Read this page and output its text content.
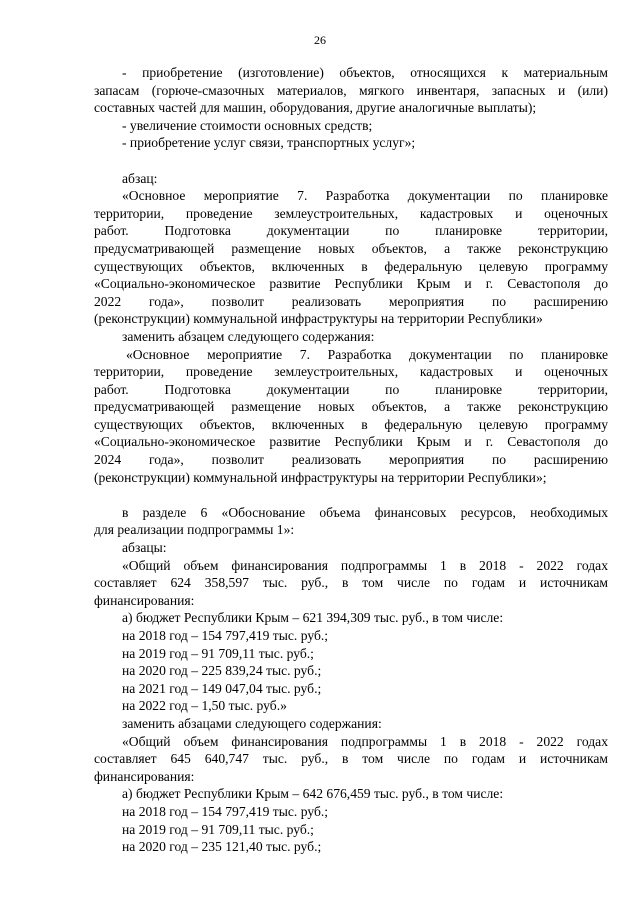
26
- приобретение (изготовление) объектов, относящихся к материальным
запасам (горюче-смазочных материалов, мягкого инвентаря, запасных и (или)
составных частей для машин, оборудования, другие аналогичные выплаты);
- увеличение стоимости основных средств;
- приобретение услуг связи, транспортных услуг»;
абзац:
«Основное мероприятие 7. Разработка документации по планировке
территории, проведение землеустроительных, кадастровых и оценочных
работ. Подготовка документации по планировке территории,
предусматривающей размещение новых объектов, а также реконструкцию
существующих объектов, включенных в федеральную целевую программу
«Социально-экономическое развитие Республики Крым и г. Севастополя до
2022 года», позволит реализовать мероприятия по расширению
(реконструкции) коммунальной инфраструктуры на территории Республики»
заменить абзацем следующего содержания:
«Основное мероприятие 7. Разработка документации по планировке
территории, проведение землеустроительных, кадастровых и оценочных
работ. Подготовка документации по планировке территории,
предусматривающей размещение новых объектов, а также реконструкцию
существующих объектов, включенных в федеральную целевую программу
«Социально-экономическое развитие Республики Крым и г. Севастополя до
2024 года», позволит реализовать мероприятия по расширению
(реконструкции) коммунальной инфраструктуры на территории Республики»;
в разделе 6 «Обоснование объема финансовых ресурсов, необходимых
для реализации подпрограммы 1»:
абзацы:
«Общий объем финансирования подпрограммы 1 в 2018 - 2022 годах
составляет 624 358,597 тыс. руб., в том числе по годам и источникам
финансирования:
а) бюджет Республики Крым – 621 394,309 тыс. руб., в том числе:
на 2018 год – 154 797,419 тыс. руб.;
на 2019 год – 91 709,11 тыс. руб.;
на 2020 год – 225 839,24 тыс. руб.;
на 2021 год – 149 047,04 тыс. руб.;
на 2022 год – 1,50 тыс. руб.»
заменить абзацами следующего содержания:
«Общий объем финансирования подпрограммы 1 в 2018 - 2022 годах
составляет 645 640,747 тыс. руб., в том числе по годам и источникам
финансирования:
а) бюджет Республики Крым – 642 676,459 тыс. руб., в том числе:
на 2018 год – 154 797,419 тыс. руб.;
на 2019 год – 91 709,11 тыс. руб.;
на 2020 год – 235 121,40 тыс. руб.;
